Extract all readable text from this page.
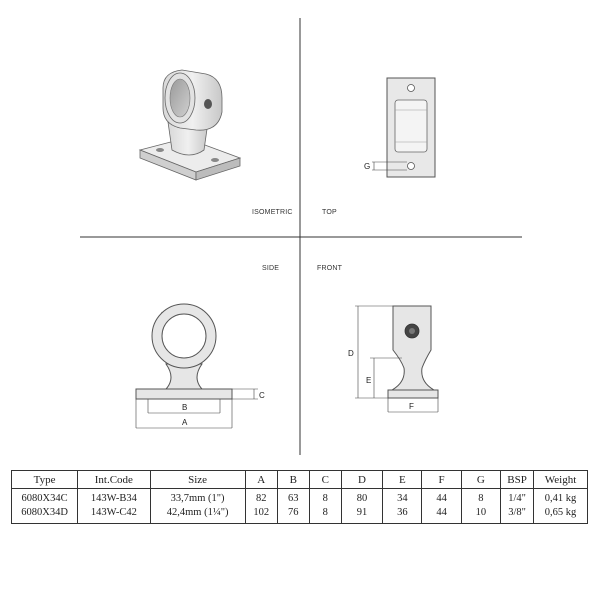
G
ISOMETRIC	TOP
SIDE	FRONT
C
B
A
D
E
F
Type	Int.Code	Size	A	B	C	D	E	F	G	BSP	Weight
6080X34C	143W-B34	33,7mm (1")	82	63	8	80	34	44	8	1/4"	0,41 kg
6080X34D	143W-C42	42,4mm (1¼")	102	76	8	91	36	44	10	3/8"	0,65 kg
